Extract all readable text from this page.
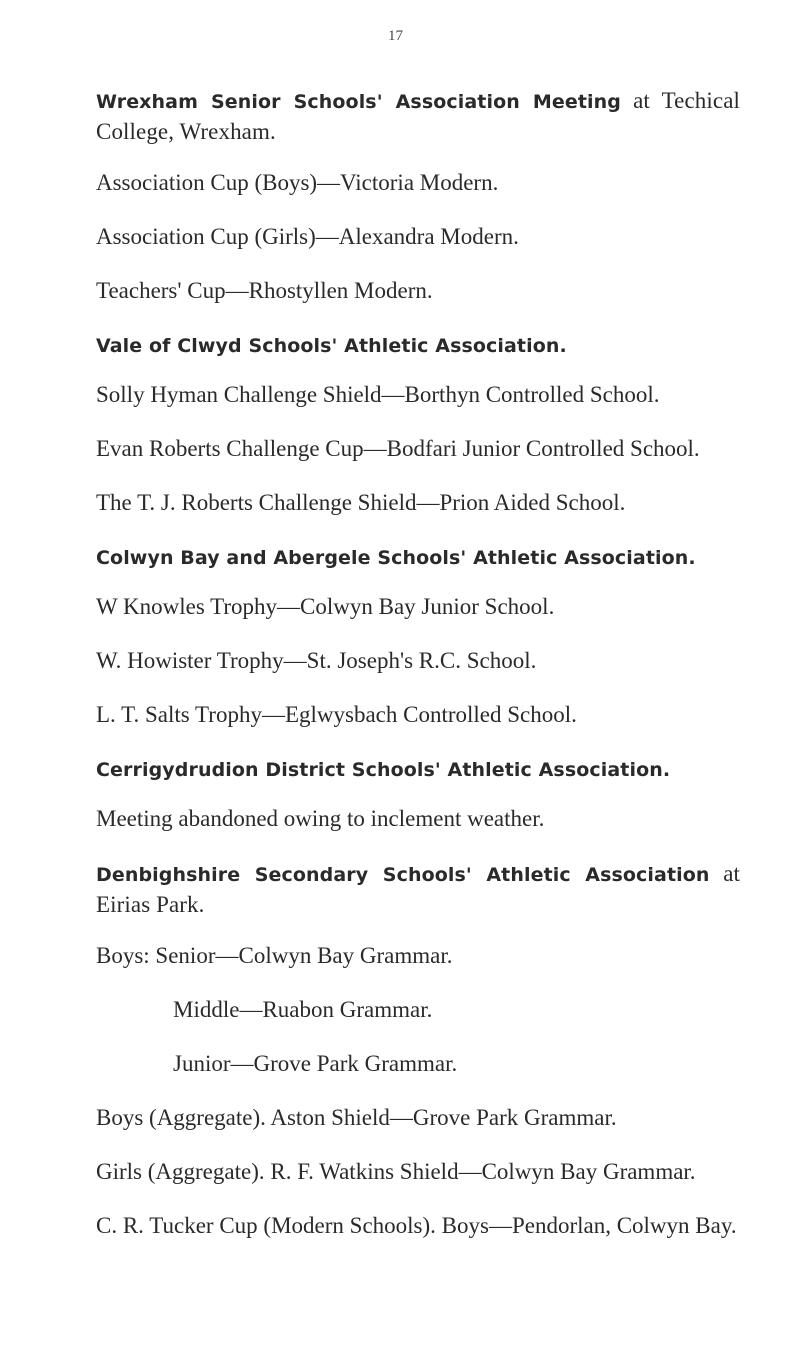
17
Wrexham Senior Schools' Association Meeting at Techical College, Wrexham.
Association Cup (Boys)—Victoria Modern.
Association Cup (Girls)—Alexandra Modern.
Teachers' Cup—Rhostyllen Modern.
Vale of Clwyd Schools' Athletic Association.
Solly Hyman Challenge Shield—Borthyn Controlled School.
Evan Roberts Challenge Cup—Bodfari Junior Controlled School.
The T. J. Roberts Challenge Shield—Prion Aided School.
Colwyn Bay and Abergele Schools' Athletic Association.
W Knowles Trophy—Colwyn Bay Junior School.
W. Howister Trophy—St. Joseph's R.C. School.
L. T. Salts Trophy—Eglwysbach Controlled School.
Cerrigydrudion District Schools' Athletic Association.
Meeting abandoned owing to inclement weather.
Denbighshire Secondary Schools' Athletic Association at Eirias Park.
Boys: Senior—Colwyn Bay Grammar.
Middle—Ruabon Grammar.
Junior—Grove Park Grammar.
Boys (Aggregate). Aston Shield—Grove Park Grammar.
Girls (Aggregate). R. F. Watkins Shield—Colwyn Bay Grammar.
C. R. Tucker Cup (Modern Schools). Boys—Pendorlan, Colwyn Bay.
